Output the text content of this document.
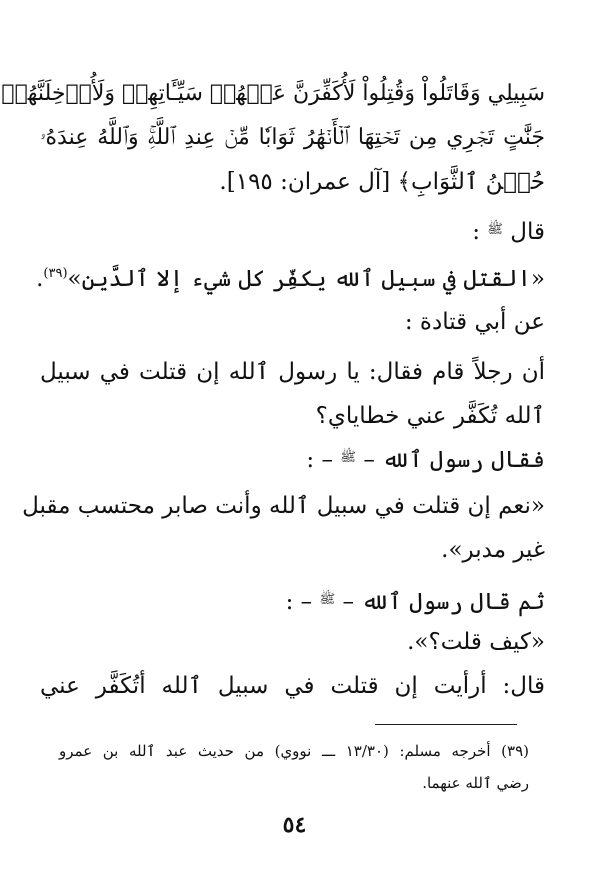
سَبِيلِي وَقَاتَلُواْ وَقُتِلُواْ لَأُكَفِّرَنَّ عَنۡهُمۡ سَيِّـَٔاتِهِمۡ وَلَأُدۡخِلَنَّهُمۡ
جَنَّٰتٍ تَجۡرِي مِن تَحۡتِهَا ٱلۡأَنۡهَٰرُ ثَوَابٗا مِّنۡ عِندِ ٱللَّهِۚ وَٱللَّهُ عِندَهُۥ
حُسۡنُ ٱلثَّوَابِ﴾ [آل عمران: ١٩٥].
قال $^ﷺ$ :
«القتل في سبيل ٱلله يكفِّر كل شيء إلا ٱلدَّين»$^{(٣٩)}$.
عن أبي قتادة :
أن رجلاً قام فقال: يا رسول ٱلله إن قتلت في سبيل
ٱلله تُكَفَّر عني خطاياي؟
فقال رسول ٱلله – $^ﷺ$ – :
«نعم إن قتلت في سبيل ٱلله وأنت صابر محتسب مقبل
غير مدبر».
ثم قال رسول ٱلله – $^ﷺ$ – :
«كيف قلت؟».
قال: أرأيت إن قتلت في سبيل ٱلله أتُكَفَّر عني
(٣٩) أخرجه مسلم: (١٣/٣٠ ـــ نووي) من حديث عبد ٱلله بن عمرو
رضي ٱلله عنهما.
٥٤
